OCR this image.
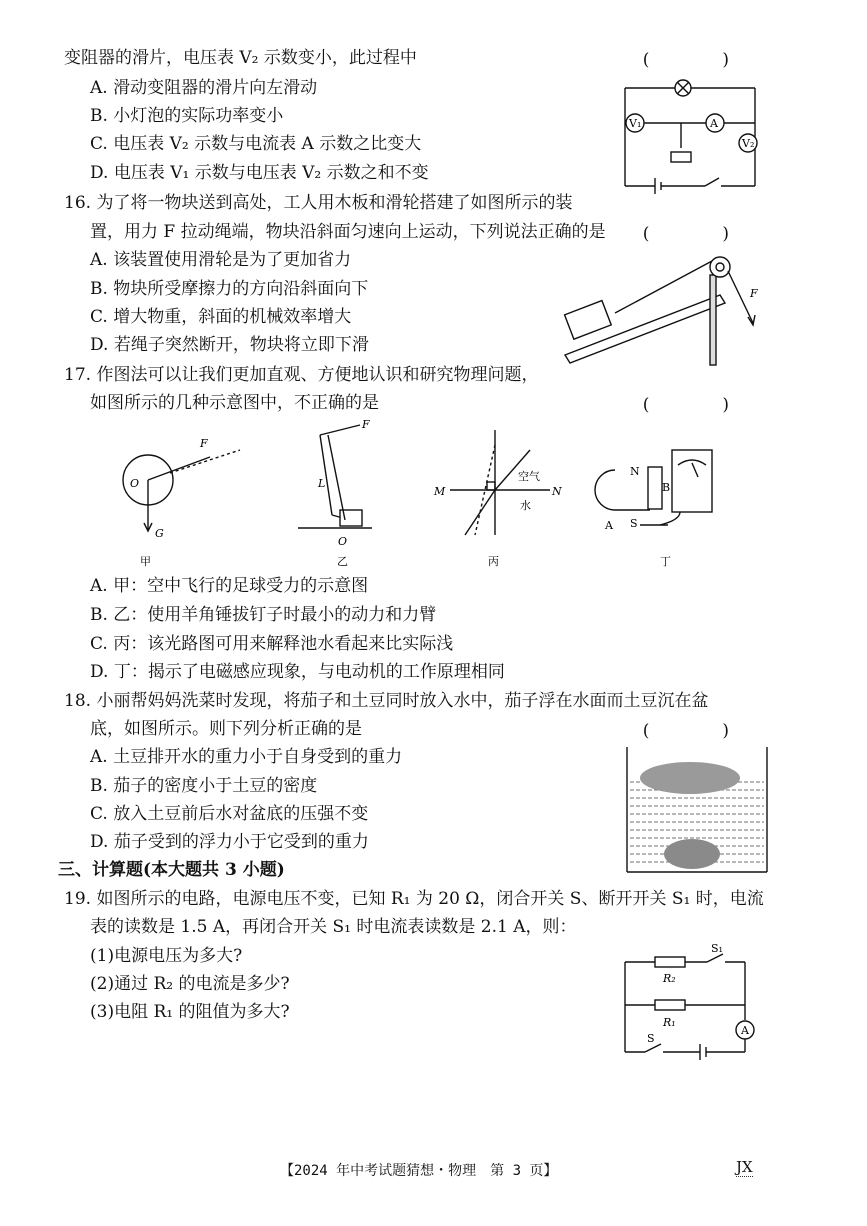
变阻器的滑片，电压表 V₂ 示数变小，此过程中	(　)
A. 滑动变阻器的滑片向左滑动
B. 小灯泡的实际功率变小
C. 电压表 V₂ 示数与电流表 A 示数之比变大
D. 电压表 V₁ 示数与电压表 V₂ 示数之和不变
V₁	A
V₂
16. 为了将一物块送到高处，工人用木板和滑轮搭建了如图所示的装
置，用力 F 拉动绳端，物块沿斜面匀速向上运动，下列说法正确的是 (　)
A. 该装置使用滑轮是为了更加省力
B. 物块所受摩擦力的方向沿斜面向下
C. 增大物重，斜面的机械效率增大
D. 若绳子突然断开，物块将立即下滑
F
17. 作图法可以让我们更加直观、方便地认识和研究物理问题，
如图所示的几种示意图中，不正确的是	(　)
F
O
G
F
L
O
M	N
空气
水
N
S
B
A
甲	乙	丙	丁
A. 甲：空中飞行的足球受力的示意图
B. 乙：使用羊角锤拔钉子时最小的动力和力臂
C. 丙：该光路图可用来解释池水看起来比实际浅
D. 丁：揭示了电磁感应现象，与电动机的工作原理相同
18. 小丽帮妈妈洗菜时发现，将茄子和土豆同时放入水中，茄子浮在水面而土豆沉在盆
底，如图所示。则下列分析正确的是	(　)
A. 土豆排开水的重力小于自身受到的重力
B. 茄子的密度小于土豆的密度
C. 放入土豆前后水对盆底的压强不变
D. 茄子受到的浮力小于它受到的重力
三、计算题(本大题共 3 小题)
19. 如图所示的电路，电源电压不变，已知 R₁ 为 20 Ω，闭合开关 S、断开开关 S₁ 时，电流
表的读数是 1.5 A，再闭合开关 S₁ 时电流表读数是 2.1 A，则：
(1)电源电压为多大?
(2)通过 R₂ 的电流是多少?
(3)电阻 R₁ 的阻值为多大?
S₁
R₂
R₁
A
S
【2024 年中考试题猜想・物理　第 3 页】	JX
